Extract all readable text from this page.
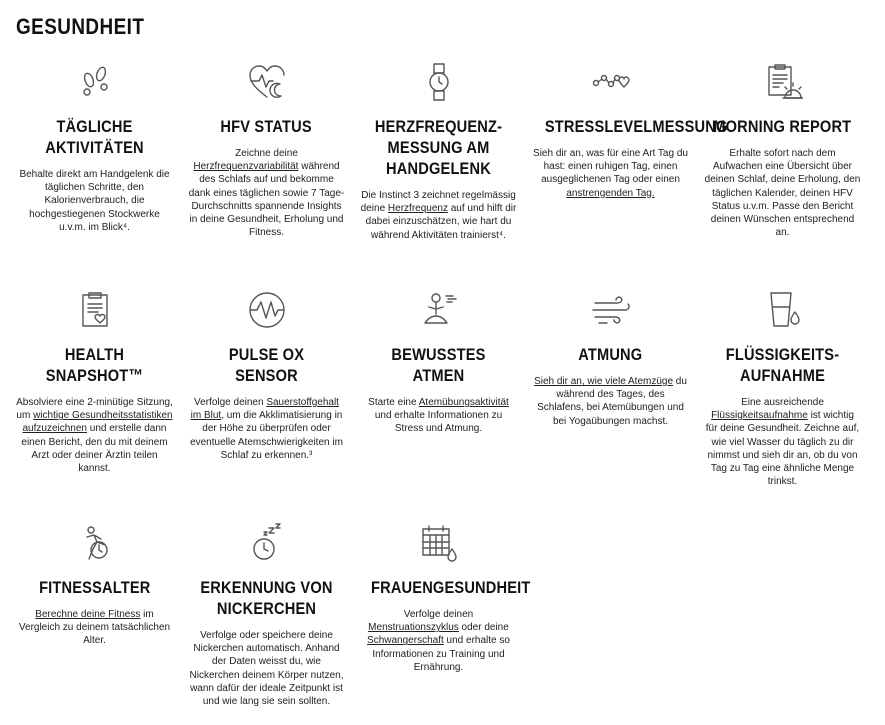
GESUNDHEIT
TÄGLICHE AKTIVITÄTEN
Behalte direkt am Handgelenk die täglichen Schritte, den Kalorienverbrauch, die hochgestiegenen Stockwerke u.v.m. im Blick⁴.
HFV STATUS
Zeichne deine Herzfrequenzvariabilität während des Schlafs auf und bekomme dank eines täglichen sowie 7 Tage-Durchschnitts spannende Insights in deine Gesundheit, Erholung und Fitness.
HERZFREQUENZ-MESSUNG AM HANDGELENK
Die Instinct 3 zeichnet regelmässig deine Herzfrequenz auf und hilft dir dabei einzuschätzen, wie hart du während Aktivitäten trainierst⁴.
STRESSLEVELMESSUNG
Sieh dir an, was für eine Art Tag du hast: einen ruhigen Tag, einen ausgeglichenen Tag oder einen anstrengenden Tag.
MORNING REPORT
Erhalte sofort nach dem Aufwachen eine Übersicht über deinen Schlaf, deine Erholung, den täglichen Kalender, deinen HFV Status u.v.m. Passe den Bericht deinen Wünschen entsprechend an.
HEALTH SNAPSHOT™
Absolviere eine 2-minütige Sitzung, um wichtige Gesundheitsstatistiken aufzuzeichnen und erstelle dann einen Bericht, den du mit deinem Arzt oder deiner Ärztin teilen kannst.
PULSE OX SENSOR
Verfolge deinen Sauerstoffgehalt im Blut, um die Akklimatisierung in der Höhe zu überprüfen oder eventuelle Atemschwierigkeiten im Schlaf zu erkennen.³
BEWUSSTES ATMEN
Starte eine Atemübungsaktivität und erhalte Informationen zu Stress und Atmung.
ATMUNG
Sieh dir an, wie viele Atemzüge du während des Tages, des Schlafens, bei Atemübungen und bei Yogaübungen machst.
FLÜSSIGKEITS-AUFNAHME
Eine ausreichende Flüssigkeitsaufnahme ist wichtig für deine Gesundheit. Zeichne auf, wie viel Wasser du täglich zu dir nimmst und sieh dir an, ob du von Tag zu Tag eine ähnliche Menge trinkst.
FITNESSALTER
Berechne deine Fitness im Vergleich zu deinem tatsächlichen Alter.
ERKENNUNG VON NICKERCHEN
Verfolge oder speichere deine Nickerchen automatisch. Anhand der Daten weisst du, wie Nickerchen deinem Körper nutzen, wann dafür der ideale Zeitpunkt ist und wie lang sie sein sollten.
FRAUENGESUNDHEIT
Verfolge deinen Menstruationszyklus oder deine Schwangerschaft und erhalte so Informationen zu Training und Ernährung.
